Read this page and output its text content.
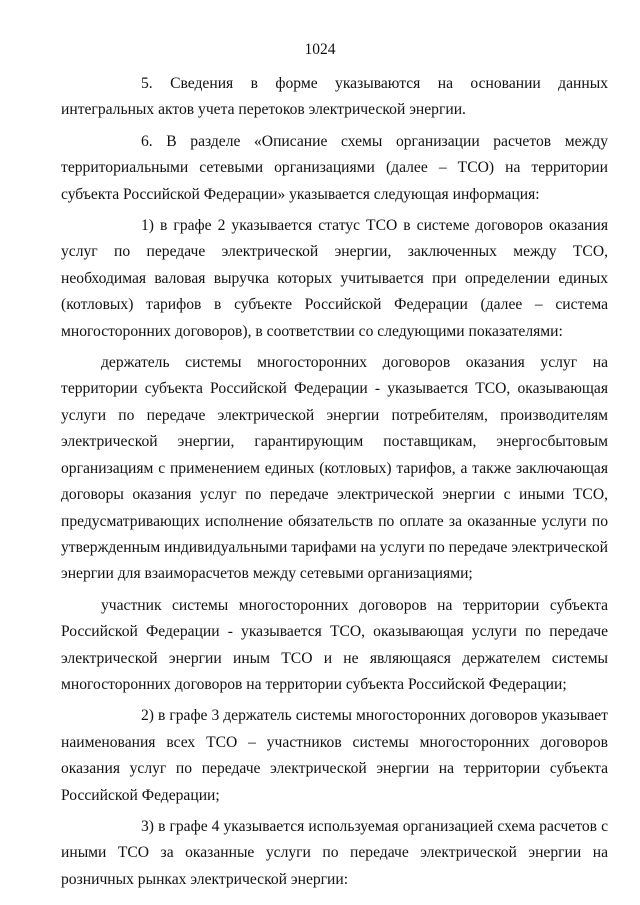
1024

5. Сведения в форме указываются на основании данных интегральных актов учета перетоков электрической энергии.

6. В разделе «Описание схемы организации расчетов между территориальными сетевыми организациями (далее – ТСО) на территории субъекта Российской Федерации» указывается следующая информация:

1) в графе 2 указывается статус ТСО в системе договоров оказания услуг по передаче электрической энергии, заключенных между ТСО, необходимая валовая выручка которых учитывается при определении единых (котловых) тарифов в субъекте Российской Федерации (далее – система многосторонних договоров), в соответствии со следующими показателями:

держатель системы многосторонних договоров оказания услуг на территории субъекта Российской Федерации - указывается ТСО, оказывающая услуги по передаче электрической энергии потребителям, производителям электрической энергии, гарантирующим поставщикам, энергосбытовым организациям с применением единых (котловых) тарифов, а также заключающая договоры оказания услуг по передаче электрической энергии с иными ТСО, предусматривающих исполнение обязательств по оплате за оказанные услуги по утвержденным индивидуальными тарифами на услуги по передаче электрической энергии для взаиморасчетов между сетевыми организациями;

участник системы многосторонних договоров на территории субъекта Российской Федерации - указывается ТСО, оказывающая услуги по передаче электрической энергии иным ТСО и не являющаяся держателем системы многосторонних договоров на территории субъекта Российской Федерации;

2) в графе 3 держатель системы многосторонних договоров указывает наименования всех ТСО – участников системы многосторонних договоров оказания услуг по передаче электрической энергии на территории субъекта Российской Федерации;

3) в графе 4 указывается используемая организацией схема расчетов с иными ТСО за оказанные услуги по передаче электрической энергии на розничных рынках электрической энергии:
